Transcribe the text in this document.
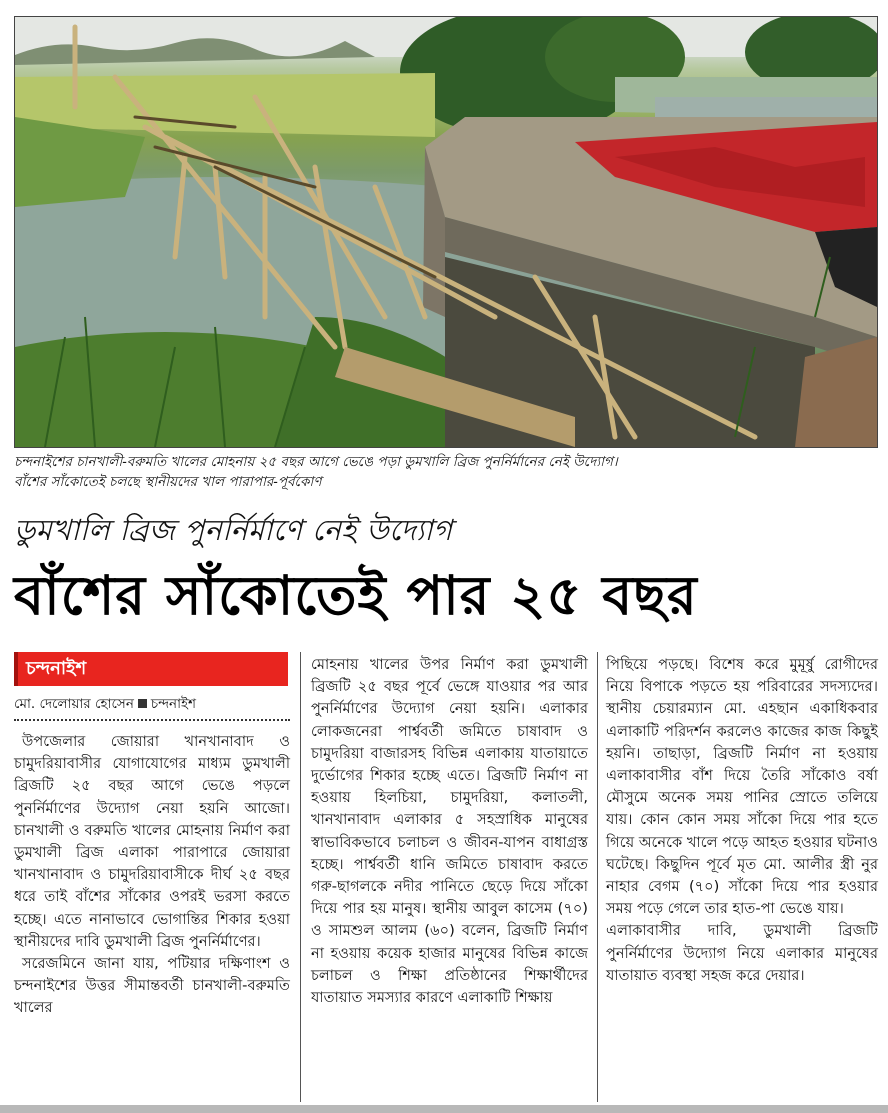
চন্দনাইশের চানখালী-বরুমতি খালের মোহনায় ২৫ বছর আগে ভেঙে পড়া ডুমখালি ব্রিজ পুনর্নির্মানের নেই উদ্যোগ।

বাঁশের সাঁকোতেই চলছে স্থানীয়দের খাল পারাপার-পূর্বকোণ

ডুমখালি ব্রিজ পুনর্নির্মাণে নেই উদ্যোগ
বাঁশের সাঁকোতেই পার ২৫ বছর
চন্দনাইশ
মো. দেলোয়ার হোসেন চন্দনাইশ

উপজেলার জোয়ারা খানখানাবাদ ও চামুদরিয়াবাসীর যোগাযোগের মাধ্যম ডুমখালী ব্রিজটি ২৫ বছর আগে ভেঙে পড়লে পুনর্নির্মাণের উদ্যোগ নেয়া হয়নি আজো। চানখালী ও বরুমতি খালের মোহনায় নির্মাণ করা ডুমখালী ব্রিজ এলাকা পারাপারে জোয়ারা খানখানাবাদ ও চামুদরিয়াবাসীকে দীর্ঘ ২৫ বছর ধরে তাই বাঁশের সাঁকোর ওপরই ভরসা করতে হচ্ছে। এতে নানাভাবে ভোগান্তির শিকার হওয়া স্থানীয়দের দাবি ডুমখালী ব্রিজ পুনর্নির্মাণের।

সরেজমিনে জানা যায়, পটিয়ার দক্ষিণাংশ ও চন্দনাইশের উত্তর সীমান্তবর্তী চানখালী-বরুমতি খালের

মোহনায় খালের উপর নির্মাণ করা ডুমখালী ব্রিজটি ২৫ বছর পূর্বে ভেঙ্গে যাওয়ার পর আর পুনর্নির্মাণের উদ্যোগ নেয়া হয়নি। এলাকার লোকজনেরা পার্শ্ববর্তী জমিতে চাষাবাদ ও চামুদরিয়া বাজারসহ বিভিন্ন এলাকায় যাতায়াতে দুর্ভোগের শিকার হচ্ছে এতে। ব্রিজটি নির্মাণ না হওয়ায় হিলচিয়া, চামুদরিয়া, কলাতলী, খানখানাবাদ এলাকার ৫ সহস্রাধিক মানুষের স্বাভাবিকভাবে চলাচল ও জীবন-যাপন বাধাগ্রস্ত হচ্ছে। পার্শ্ববর্তী ধানি জমিতে চাষাবাদ করতে গরু-ছাগলকে নদীর পানিতে ছেড়ে দিয়ে সাঁকো দিয়ে পার হয় মানুষ। স্থানীয় আবুল কাসেম (৭০) ও সামশুল আলম (৬০) বলেন, ব্রিজটি নির্মাণ না হওয়ায় কয়েক হাজার মানুষের বিভিন্ন কাজে চলাচল ও শিক্ষা প্রতিষ্ঠানের শিক্ষার্থীদের যাতায়াত সমস্যার কারণে এলাকাটি শিক্ষায়

পিছিয়ে পড়ছে। বিশেষ করে মুমূর্ষু রোগীদের নিয়ে বিপাকে পড়তে হয় পরিবারের সদস্যদের। স্থানীয় চেয়ারম্যান মো. এহছান একাধিকবার এলাকাটি পরিদর্শন করলেও কাজের কাজ কিছুই হয়নি। তাছাড়া, ব্রিজটি নির্মাণ না হওয়ায় এলাকাবাসীর বাঁশ দিয়ে তৈরি সাঁকোও বর্ষা মৌসুমে অনেক সময় পানির স্রোতে তলিয়ে যায়। কোন কোন সময় সাঁকো দিয়ে পার হতে গিয়ে অনেকে খালে পড়ে আহত হওয়ার ঘটনাও ঘটেছে। কিছুদিন পূর্বে মৃত মো. আলীর স্ত্রী নুর নাহার বেগম (৭০) সাঁকো দিয়ে পার হওয়ার সময় পড়ে গেলে তার হাত-পা ভেঙে যায়।

এলাকাবাসীর দাবি, ডুমখালী ব্রিজটি পুনর্নির্মাণের উদ্যোগ নিয়ে এলাকার মানুষের যাতায়াত ব্যবস্থা সহজ করে দেয়ার।
